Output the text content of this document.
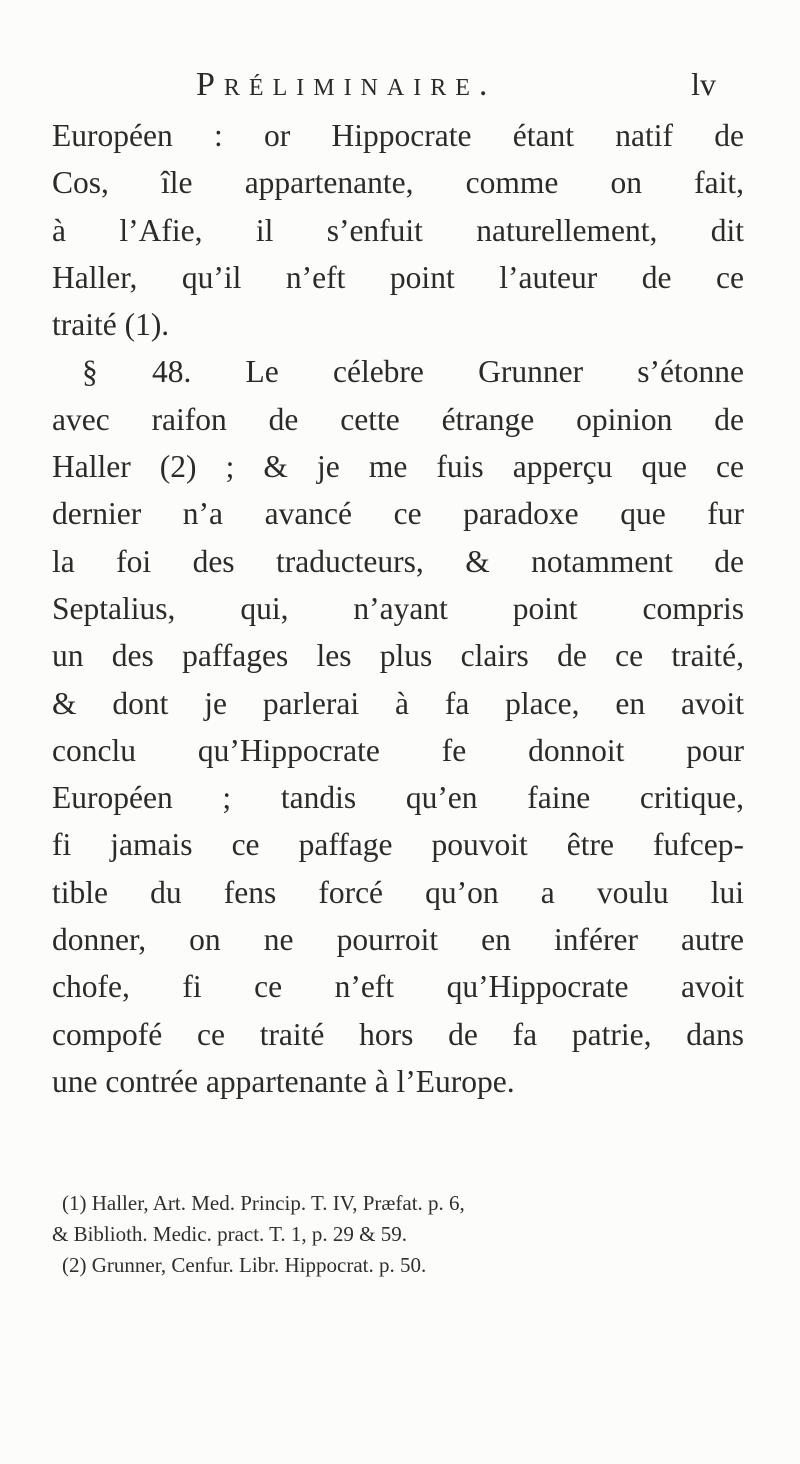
Préliminaire.	lv
Européen : or Hippocrate étant natif de
Cos, île appartenante, comme on fait,
à l’Afie, il s’enfuit naturellement, dit
Haller, qu’il n’eft point l’auteur de ce
traité (1).
§ 48. Le célebre Grunner s’étonne
avec raifon de cette étrange opinion de
Haller (2) ; & je me fuis apperçu que ce
dernier n’a avancé ce paradoxe que fur
la foi des traducteurs, & notamment de
Septalius, qui, n’ayant point compris
un des paffages les plus clairs de ce traité,
& dont je parlerai à fa place, en avoit
conclu qu’Hippocrate fe donnoit pour
Européen ; tandis qu’en faine critique,
fi jamais ce paffage pouvoit être fufcep-
tible du fens forcé qu’on a voulu lui
donner, on ne pourroit en inférer autre
chofe, fi ce n’eft qu’Hippocrate avoit
compofé ce traité hors de fa patrie, dans
une contrée appartenante à l’Europe.
(1) Haller, Art. Med. Princip. T. IV, Præfat. p. 6,
& Biblioth. Medic. pract. T. 1, p. 29 & 59.
(2) Grunner, Cenfur. Libr. Hippocrat. p. 50.
